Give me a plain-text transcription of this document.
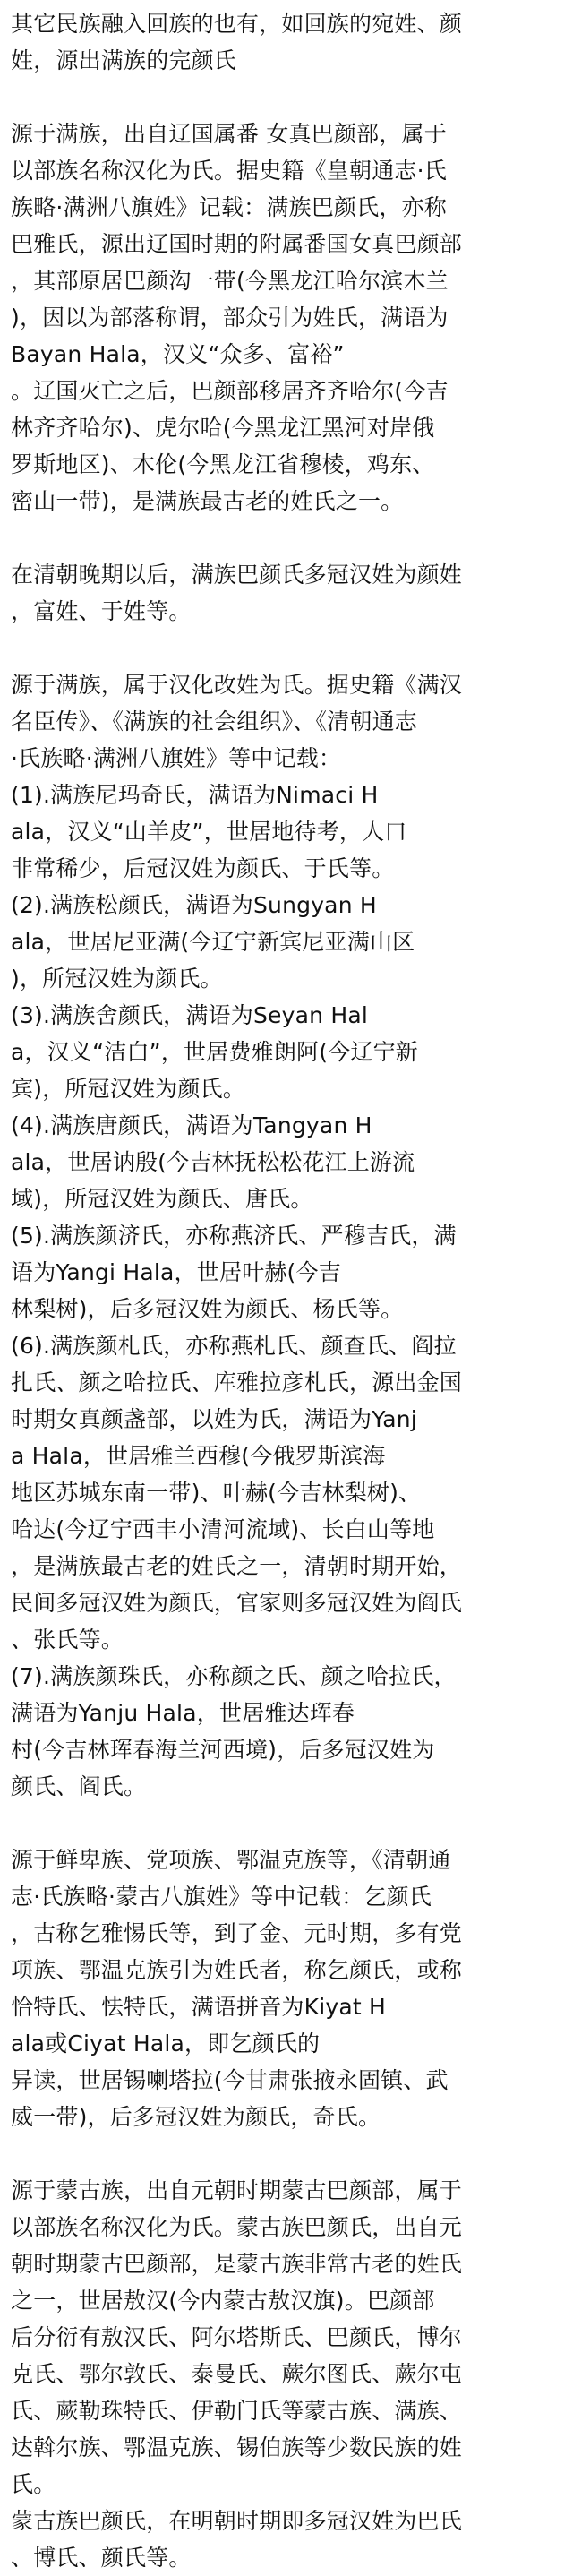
其它民族融入回族的也有，如回族的宛姓、颜
姓，源出满族的完颜氏

源于满族，出自辽国属番 女真巴颜部，属于
以部族名称汉化为氏。据史籍《皇朝通志·氏
族略·满洲八旗姓》记载：满族巴颜氏，亦称
巴雅氏，源出辽国时期的附属番国女真巴颜部
，其部原居巴颜沟一带(今黑龙江哈尔滨木兰
)，因以为部落称谓，部众引为姓氏，满语为
Bayan Hala，汉义“众多、富裕”
。辽国灭亡之后，巴颜部移居齐齐哈尔(今吉
林齐齐哈尔)、虎尔哈(今黑龙江黑河对岸俄
罗斯地区)、木伦(今黑龙江省穆棱，鸡东、
密山一带)，是满族最古老的姓氏之一。

在清朝晚期以后，满族巴颜氏多冠汉姓为颜姓
，富姓、于姓等。

源于满族，属于汉化改姓为氏。据史籍《满汉
名臣传》、《满族的社会组织》、《清朝通志
·氏族略·满洲八旗姓》等中记载：
(1).满族尼玛奇氏，满语为Nimaci H
ala，汉义“山羊皮”，世居地待考，人口
非常稀少，后冠汉姓为颜氏、于氏等。
(2).满族松颜氏，满语为Sungyan H
ala，世居尼亚满(今辽宁新宾尼亚满山区
)，所冠汉姓为颜氏。
(3).满族舍颜氏，满语为Seyan Hal
a，汉义“洁白”，世居费雅朗阿(今辽宁新
宾)，所冠汉姓为颜氏。
(4).满族唐颜氏，满语为Tangyan H
ala，世居讷殷(今吉林抚松松花江上游流
域)，所冠汉姓为颜氏、唐氏。
(5).满族颜济氏，亦称燕济氏、严穆吉氏，满
语为Yangi Hala，世居叶赫(今吉
林梨树)，后多冠汉姓为颜氏、杨氏等。
(6).满族颜札氏，亦称燕札氏、颜查氏、阎拉
扎氏、颜之哈拉氏、库雅拉彦札氏，源出金国
时期女真颜盏部，以姓为氏，满语为Yanj
a Hala，世居雅兰西穆(今俄罗斯滨海
地区苏城东南一带)、叶赫(今吉林梨树)、
哈达(今辽宁西丰小清河流域)、长白山等地
，是满族最古老的姓氏之一，清朝时期开始，
民间多冠汉姓为颜氏，官家则多冠汉姓为阎氏
、张氏等。
(7).满族颜珠氏，亦称颜之氏、颜之哈拉氏，
满语为Yanju Hala，世居雅达珲春
村(今吉林珲春海兰河西境)，后多冠汉姓为
颜氏、阎氏。

源于鲜卑族、党项族、鄂温克族等，《清朝通
志·氏族略·蒙古八旗姓》等中记载：乞颜氏
，古称乞雅惕氏等，到了金、元时期，多有党
项族、鄂温克族引为姓氏者，称乞颜氏，或称
恰特氏、怯特氏，满语拼音为Kiyat H
ala或Ciyat Hala，即乞颜氏的
异读，世居锡喇塔拉(今甘肃张掖永固镇、武
威一带)，后多冠汉姓为颜氏，奇氏。

源于蒙古族，出自元朝时期蒙古巴颜部，属于
以部族名称汉化为氏。蒙古族巴颜氏，出自元
朝时期蒙古巴颜部，是蒙古族非常古老的姓氏
之一，世居敖汉(今内蒙古敖汉旗)。巴颜部
后分衍有敖汉氏、阿尔塔斯氏、巴颜氏，博尔
克氏、鄂尔敦氏、泰曼氏、蕨尔图氏、蕨尔屯
氏、蕨勒珠特氏、伊勒门氏等蒙古族、满族、
达斡尔族、鄂温克族、锡伯族等少数民族的姓
氏。
蒙古族巴颜氏，在明朝时期即多冠汉姓为巴氏
、博氏、颜氏等。
